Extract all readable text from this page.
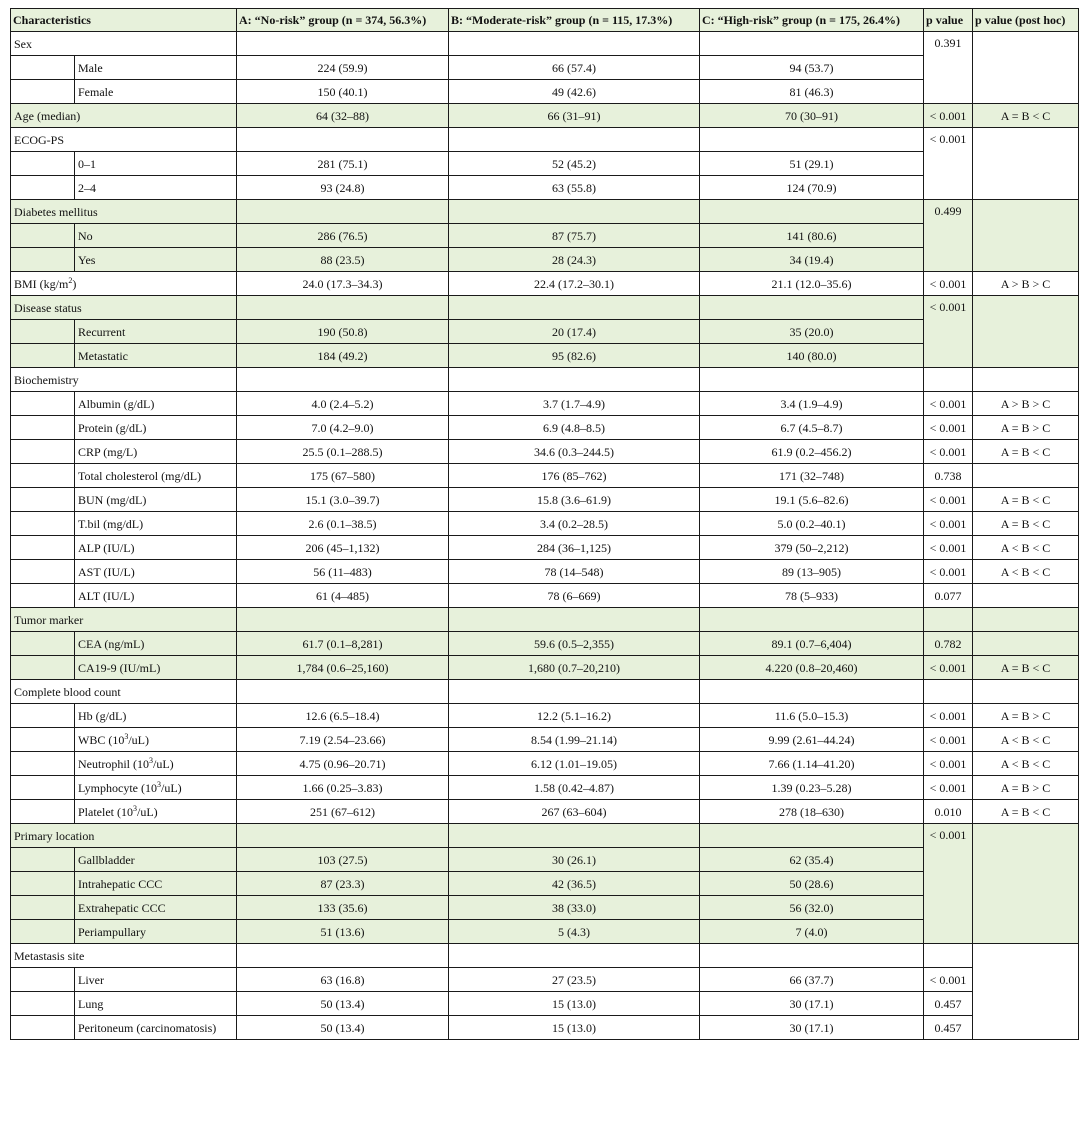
Characteristics		A: “No-risk” group (n = 374, 56.3%)	B: “Moderate-risk” group (n = 115, 17.3%)	C: “High-risk” group (n = 175, 26.4%)	p value	p value (post hoc)
Sex					0.391	
	Male	224 (59.9)	66 (57.4)	94 (53.7)		
	Female	150 (40.1)	49 (42.6)	81 (46.3)		
Age (median)		64 (32–88)	66 (31–91)	70 (30–91)	< 0.001	A = B < C
ECOG-PS					< 0.001	
	0–1	281 (75.1)	52 (45.2)	51 (29.1)		
	2–4	93 (24.8)	63 (55.8)	124 (70.9)		
Diabetes mellitus					0.499	
	No	286 (76.5)	87 (75.7)	141 (80.6)		
	Yes	88 (23.5)	28 (24.3)	34 (19.4)		
BMI $(kg/m^2)$		24.0 (17.3–34.3)	22.4 (17.2–30.1)	21.1 (12.0–35.6)	< 0.001	A > B > C
Disease status					< 0.001	
	Recurrent	190 (50.8)	20 (17.4)	35 (20.0)		
	Metastatic	184 (49.2)	95 (82.6)	140 (80.0)		
Biochemistry						
	Albumin (g/dL)	4.0 (2.4–5.2)	3.7 (1.7–4.9)	3.4 (1.9–4.9)	< 0.001	A > B > C
	Protein (g/dL)	7.0 (4.2–9.0)	6.9 (4.8–8.5)	6.7 (4.5–8.7)	< 0.001	A = B > C
	CRP (mg/L)	25.5 (0.1–288.5)	34.6 (0.3–244.5)	61.9 (0.2–456.2)	< 0.001	A = B < C
	Total cholesterol (mg/dL)	175 (67–580)	176 (85–762)	171 (32–748)	0.738	
	BUN (mg/dL)	15.1 (3.0–39.7)	15.8 (3.6–61.9)	19.1 (5.6–82.6)	< 0.001	A = B < C
	T.bil (mg/dL)	2.6 (0.1–38.5)	3.4 (0.2–28.5)	5.0 (0.2–40.1)	< 0.001	A = B < C
	ALP (IU/L)	206 (45–1,132)	284 (36–1,125)	379 (50–2,212)	< 0.001	A < B < C
	AST (IU/L)	56 (11–483)	78 (14–548)	89 (13–905)	< 0.001	A < B < C
	ALT (IU/L)	61 (4–485)	78 (6–669)	78 (5–933)	0.077	
Tumor marker						
	CEA (ng/mL)	61.7 (0.1–8,281)	59.6 (0.5–2,355)	89.1 (0.7–6,404)	0.782	
	CA19-9 (IU/mL)	1,784 (0.6–25,160)	1,680 (0.7–20,210)	4.220 (0.8–20,460)	< 0.001	A = B < C
Complete blood count						
	Hb (g/dL)	12.6 (6.5–18.4)	12.2 (5.1–16.2)	11.6 (5.0–15.3)	< 0.001	A = B > C
	WBC $(10^3/uL)$	7.19 (2.54–23.66)	8.54 (1.99–21.14)	9.99 (2.61–44.24)	< 0.001	A < B < C
	Neutrophil $(10^3/uL)$	4.75 (0.96–20.71)	6.12 (1.01–19.05)	7.66 (1.14–41.20)	< 0.001	A < B < C
	Lymphocyte $(10^3/uL)$	1.66 (0.25–3.83)	1.58 (0.42–4.87)	1.39 (0.23–5.28)	< 0.001	A = B > C
	Platelet $(10^3/uL)$	251 (67–612)	267 (63–604)	278 (18–630)	0.010	A = B < C
Primary location					< 0.001	
	Gallbladder	103 (27.5)	30 (26.1)	62 (35.4)		
	Intrahepatic CCC	87 (23.3)	42 (36.5)	50 (28.6)		
	Extrahepatic CCC	133 (35.6)	38 (33.0)	56 (32.0)		
	Periampullary	51 (13.6)	5 (4.3)	7 (4.0)		
Metastasis site						
	Liver	63 (16.8)	27 (23.5)	66 (37.7)	< 0.001	
	Lung	50 (13.4)	15 (13.0)	30 (17.1)	0.457	
	Peritoneum (carcinomatosis)	50 (13.4)	15 (13.0)	30 (17.1)	0.457	
